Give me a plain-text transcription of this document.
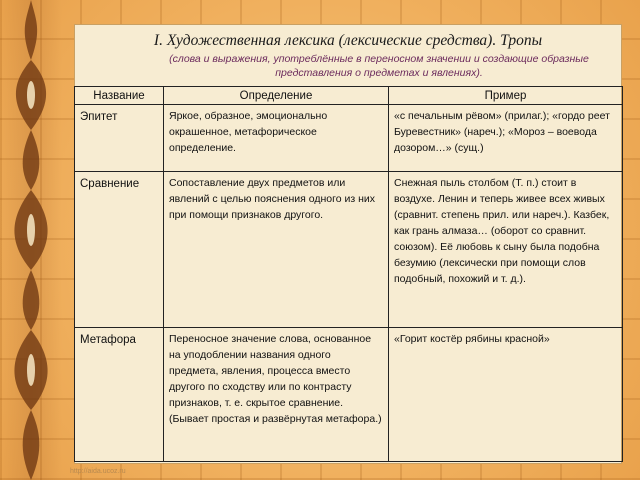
I. Художественная лексика (лексические средства). Тропы
(слова и выражения, употреблённые в переносном значении и создающие образные представления о предметах и явлениях).
Название	Определение	Пример
Эпитет	Яркое, образное, эмоционально окрашенное, метафорическое определение.	«с печальным рёвом» (прилаг.); «гордо реет Буревестник» (нареч.); «Мороз – воевода дозором…» (сущ.)
Сравнение	Сопоставление двух предметов или явлений с целью пояснения одного из них при помощи признаков другого.	Снежная пыль столбом (Т. п.) стоит в воздухе. Ленин и теперь живее всех живых (сравнит. степень прил. или нареч.). Казбек, как грань алмаза… (оборот со сравнит. союзом). Её любовь к сыну была подобна безумию (лексически при помощи слов подобный, похожий и т. д.).
Метафора	Переносное значение слова, основанное на уподоблении названия одного предмета, явления, процесса вместо другого по сходству или по контрасту признаков, т. е. скрытое сравнение. (Бывает простая и развёрнутая метафора.)	«Горит костёр рябины красной»
http://aida.ucoz.ru
